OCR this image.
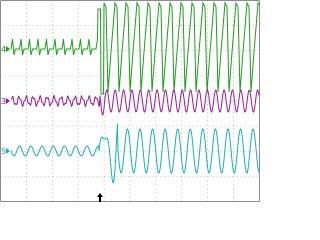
4
3
5
